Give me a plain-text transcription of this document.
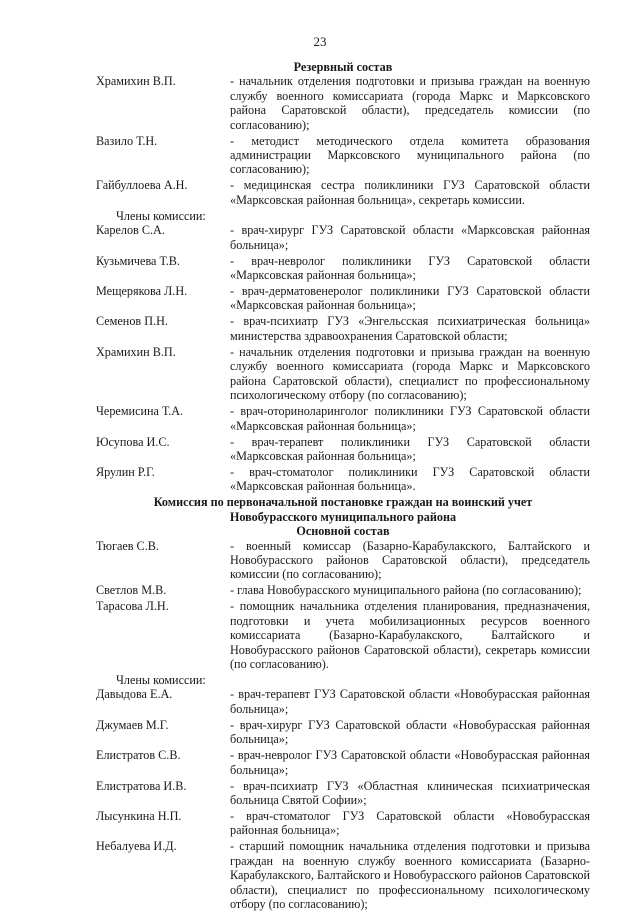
23
Резервный состав
Храмихин В.П.	- начальник отделения подготовки и призыва граждан на военную службу военного комиссариата (города Маркс и Марксовского района Саратовской области), председатель комиссии (по согласованию);
Вазило Т.Н.	- методист методического отдела комитета образования администрации Марксовского муниципального района (по согласованию);
Гайбуллоева А.Н.	- медицинская сестра поликлиники ГУЗ Саратовской области «Марксовская районная больница», секретарь комиссии.
Члены комиссии:
Карелов С.А.	- врач-хирург ГУЗ Саратовской области «Марксовская районная больница»;
Кузьмичева Т.В.	- врач-невролог поликлиники ГУЗ Саратовской области «Марксовская районная больница»;
Мещерякова Л.Н.	- врач-дерматовенеролог поликлиники ГУЗ Саратовской области «Марксовская районная больница»;
Семенов П.Н.	- врач-психиатр ГУЗ «Энгельсская психиатрическая больница» министерства здравоохранения Саратовской области;
Храмихин В.П.	- начальник отделения подготовки и призыва граждан на военную службу военного комиссариата (города Маркс и Марксовского района Саратовской области), специалист по профессиональному психологическому отбору (по согласованию);
Черемисина Т.А.	- врач-оториноларинголог поликлиники ГУЗ Саратовской области «Марксовская районная больница»;
Юсупова И.С.	- врач-терапевт поликлиники ГУЗ Саратовской области «Марксовская районная больница»;
Ярулин Р.Г.	- врач-стоматолог поликлиники ГУЗ Саратовской области «Марксовская районная больница».
Комиссия по первоначальной постановке граждан на воинский учет
Новобурасского муниципального района
Основной состав
Тюгаев С.В.	- военный комиссар (Базарно-Карабулакского, Балтайского и Новобурасского районов Саратовской области), председатель комиссии (по согласованию);
Светлов М.В.	- глава Новобурасского муниципального района (по согласованию);
Тарасова Л.Н.	- помощник начальника отделения планирования, предназначения, подготовки и учета мобилизационных ресурсов военного комиссариата (Базарно-Карабулакского, Балтайского и Новобурасского районов Саратовской области), секретарь комиссии (по согласованию).
Члены комиссии:
Давыдова Е.А.	- врач-терапевт ГУЗ Саратовской области «Новобурасская районная больница»;
Джумаев М.Г.	- врач-хирург ГУЗ Саратовской области «Новобурасская районная больница»;
Елистратов С.В.	- врач-невролог ГУЗ Саратовской области «Новобурасская районная больница»;
Елистратова И.В.	- врач-психиатр ГУЗ «Областная клиническая психиатрическая больница Святой Софии»;
Лысункина Н.П.	- врач-стоматолог ГУЗ Саратовской области «Новобурасская районная больница»;
Небалуева И.Д.	- старший помощник начальника отделения подготовки и призыва граждан на военную службу военного комиссариата (Базарно-Карабулакского, Балтайского и Новобурасского районов Саратовской области), специалист по профессиональному психологическому отбору (по согласованию);
